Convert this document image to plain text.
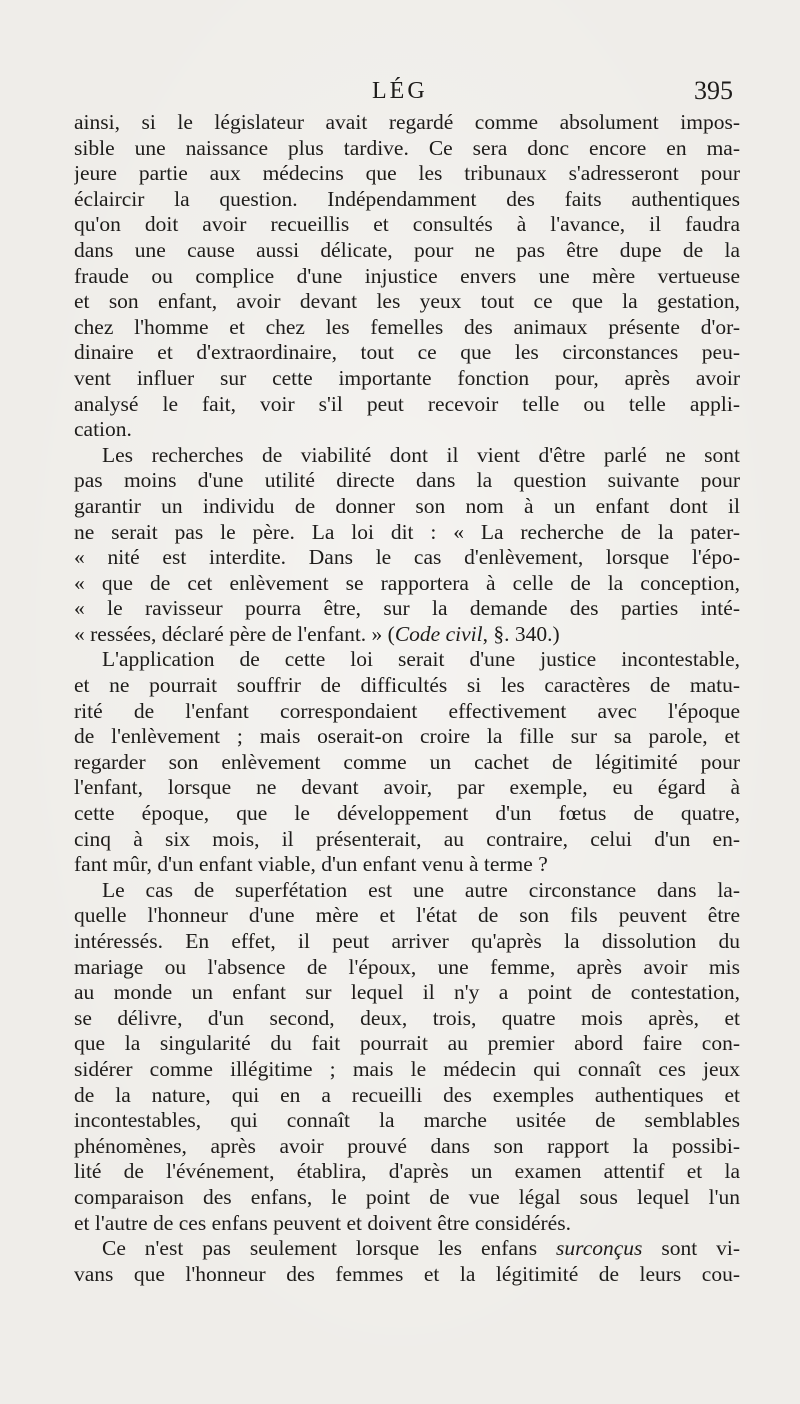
LÉG	395
ainsi, si le législateur avait regardé comme absolument impos-
sible une naissance plus tardive. Ce sera donc encore en ma-
jeure partie aux médecins que les tribunaux s'adresseront pour
éclaircir la question. Indépendamment des faits authentiques
qu'on doit avoir recueillis et consultés à l'avance, il faudra
dans une cause aussi délicate, pour ne pas être dupe de la
fraude ou complice d'une injustice envers une mère vertueuse
et son enfant, avoir devant les yeux tout ce que la gestation,
chez l'homme et chez les femelles des animaux présente d'or-
dinaire et d'extraordinaire, tout ce que les circonstances peu-
vent influer sur cette importante fonction pour, après avoir
analysé le fait, voir s'il peut recevoir telle ou telle appli-
cation.
Les recherches de viabilité dont il vient d'être parlé ne sont
pas moins d'une utilité directe dans la question suivante pour
garantir un individu de donner son nom à un enfant dont il
ne serait pas le père. La loi dit : « La recherche de la pater-
« nité est interdite. Dans le cas d'enlèvement, lorsque l'épo-
« que de cet enlèvement se rapportera à celle de la conception,
« le ravisseur pourra être, sur la demande des parties inté-
« ressées, déclaré père de l'enfant. » (Code civil, §. 340.)
L'application de cette loi serait d'une justice incontestable,
et ne pourrait souffrir de difficultés si les caractères de matu-
rité de l'enfant correspondaient effectivement avec l'époque
de l'enlèvement ; mais oserait-on croire la fille sur sa parole, et
regarder son enlèvement comme un cachet de légitimité pour
l'enfant, lorsque ne devant avoir, par exemple, eu égard à
cette époque, que le développement d'un fœtus de quatre,
cinq à six mois, il présenterait, au contraire, celui d'un en-
fant mûr, d'un enfant viable, d'un enfant venu à terme ?
Le cas de superfétation est une autre circonstance dans la-
quelle l'honneur d'une mère et l'état de son fils peuvent être
intéressés. En effet, il peut arriver qu'après la dissolution du
mariage ou l'absence de l'époux, une femme, après avoir mis
au monde un enfant sur lequel il n'y a point de contestation,
se délivre, d'un second, deux, trois, quatre mois après, et
que la singularité du fait pourrait au premier abord faire con-
sidérer comme illégitime ; mais le médecin qui connaît ces jeux
de la nature, qui en a recueilli des exemples authentiques et
incontestables, qui connaît la marche usitée de semblables
phénomènes, après avoir prouvé dans son rapport la possibi-
lité de l'événement, établira, d'après un examen attentif et la
comparaison des enfans, le point de vue légal sous lequel l'un
et l'autre de ces enfans peuvent et doivent être considérés.
Ce n'est pas seulement lorsque les enfans surconçus sont vi-
vans que l'honneur des femmes et la légitimité de leurs cou-
